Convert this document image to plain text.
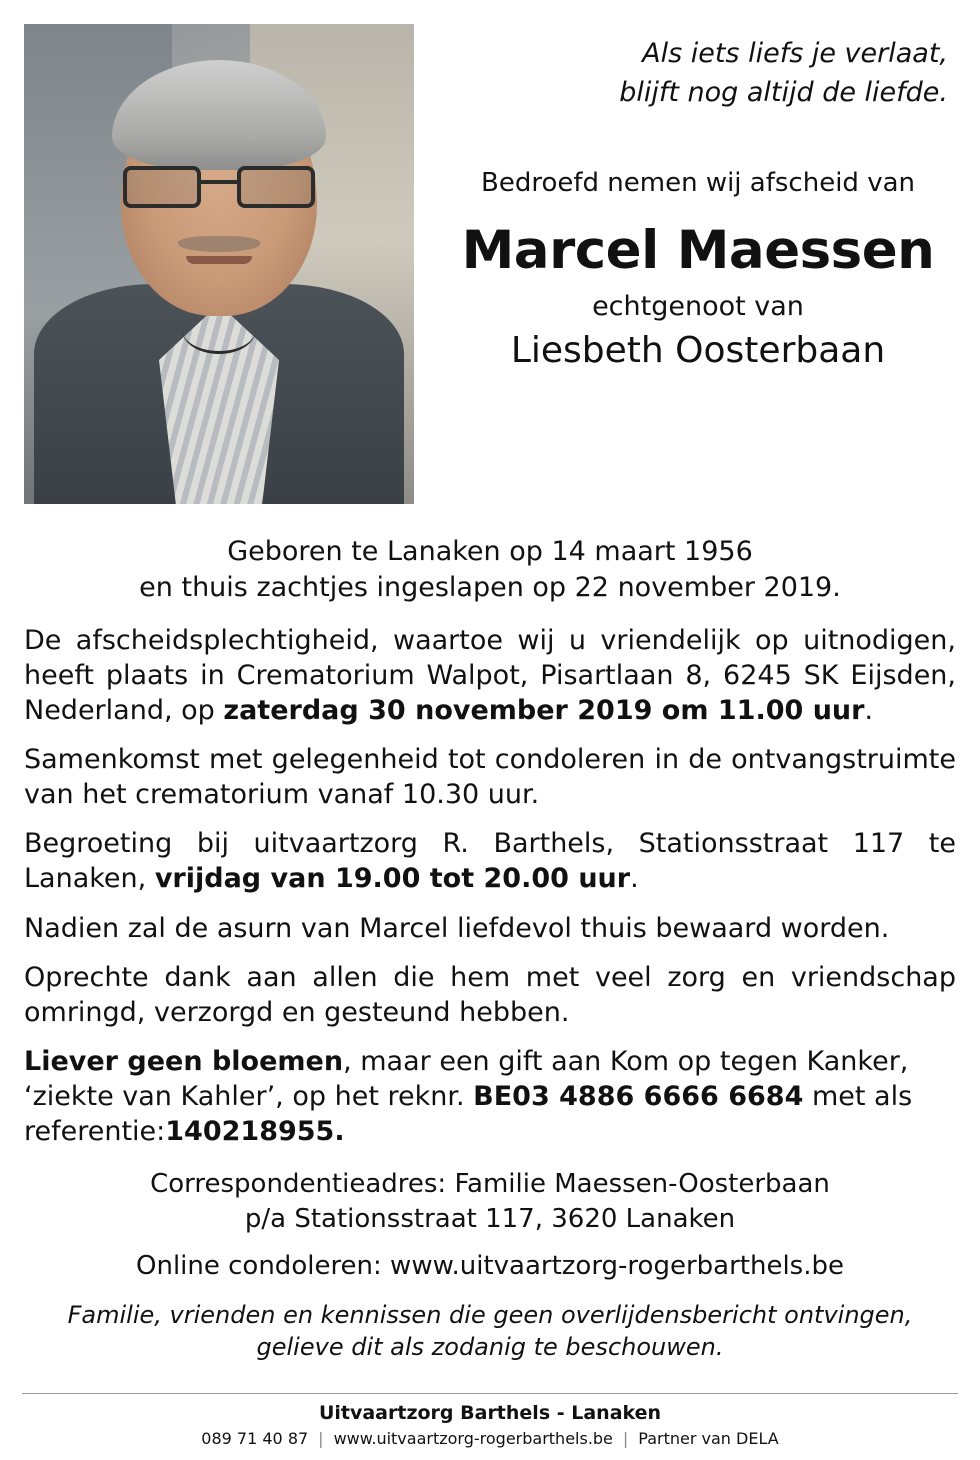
Als iets liefs je verlaat,
blijft nog altijd de liefde.
Bedroefd nemen wij afscheid van
Marcel Maessen
echtgenoot van
Liesbeth Oosterbaan
Geboren te Lanaken op 14 maart 1956
en thuis zachtjes ingeslapen op 22 november 2019.

De afscheidsplechtigheid, waartoe wij u vriendelijk op uitnodigen, heeft plaats in Crematorium Walpot, Pisartlaan 8, 6245 SK Eijsden, Nederland, op zaterdag 30 november 2019 om 11.00 uur.

Samenkomst met gelegenheid tot condoleren in de ontvangstruimte van het crematorium vanaf 10.30 uur.

Begroeting bij uitvaartzorg R. Barthels, Stationsstraat 117 te Lanaken, vrijdag van 19.00 tot 20.00 uur.

Nadien zal de asurn van Marcel liefdevol thuis bewaard worden.

Oprechte dank aan allen die hem met veel zorg en vriendschap omringd, verzorgd en gesteund hebben.

Liever geen bloemen, maar een gift aan Kom op tegen Kanker, ‘ziekte van Kahler’, op het reknr. BE03 4886 6666 6684 met als referentie:140218955.

Correspondentieadres: Familie Maessen-Oosterbaan
p/a Stationsstraat 117, 3620 Lanaken
Online condoleren: www.uitvaartzorg-rogerbarthels.be
Familie, vrienden en kennissen die geen overlijdensbericht ontvingen,
gelieve dit als zodanig te beschouwen.
Uitvaartzorg Barthels - Lanaken
089 71 40 87 | www.uitvaartzorg-rogerbarthels.be | Partner van DELA
